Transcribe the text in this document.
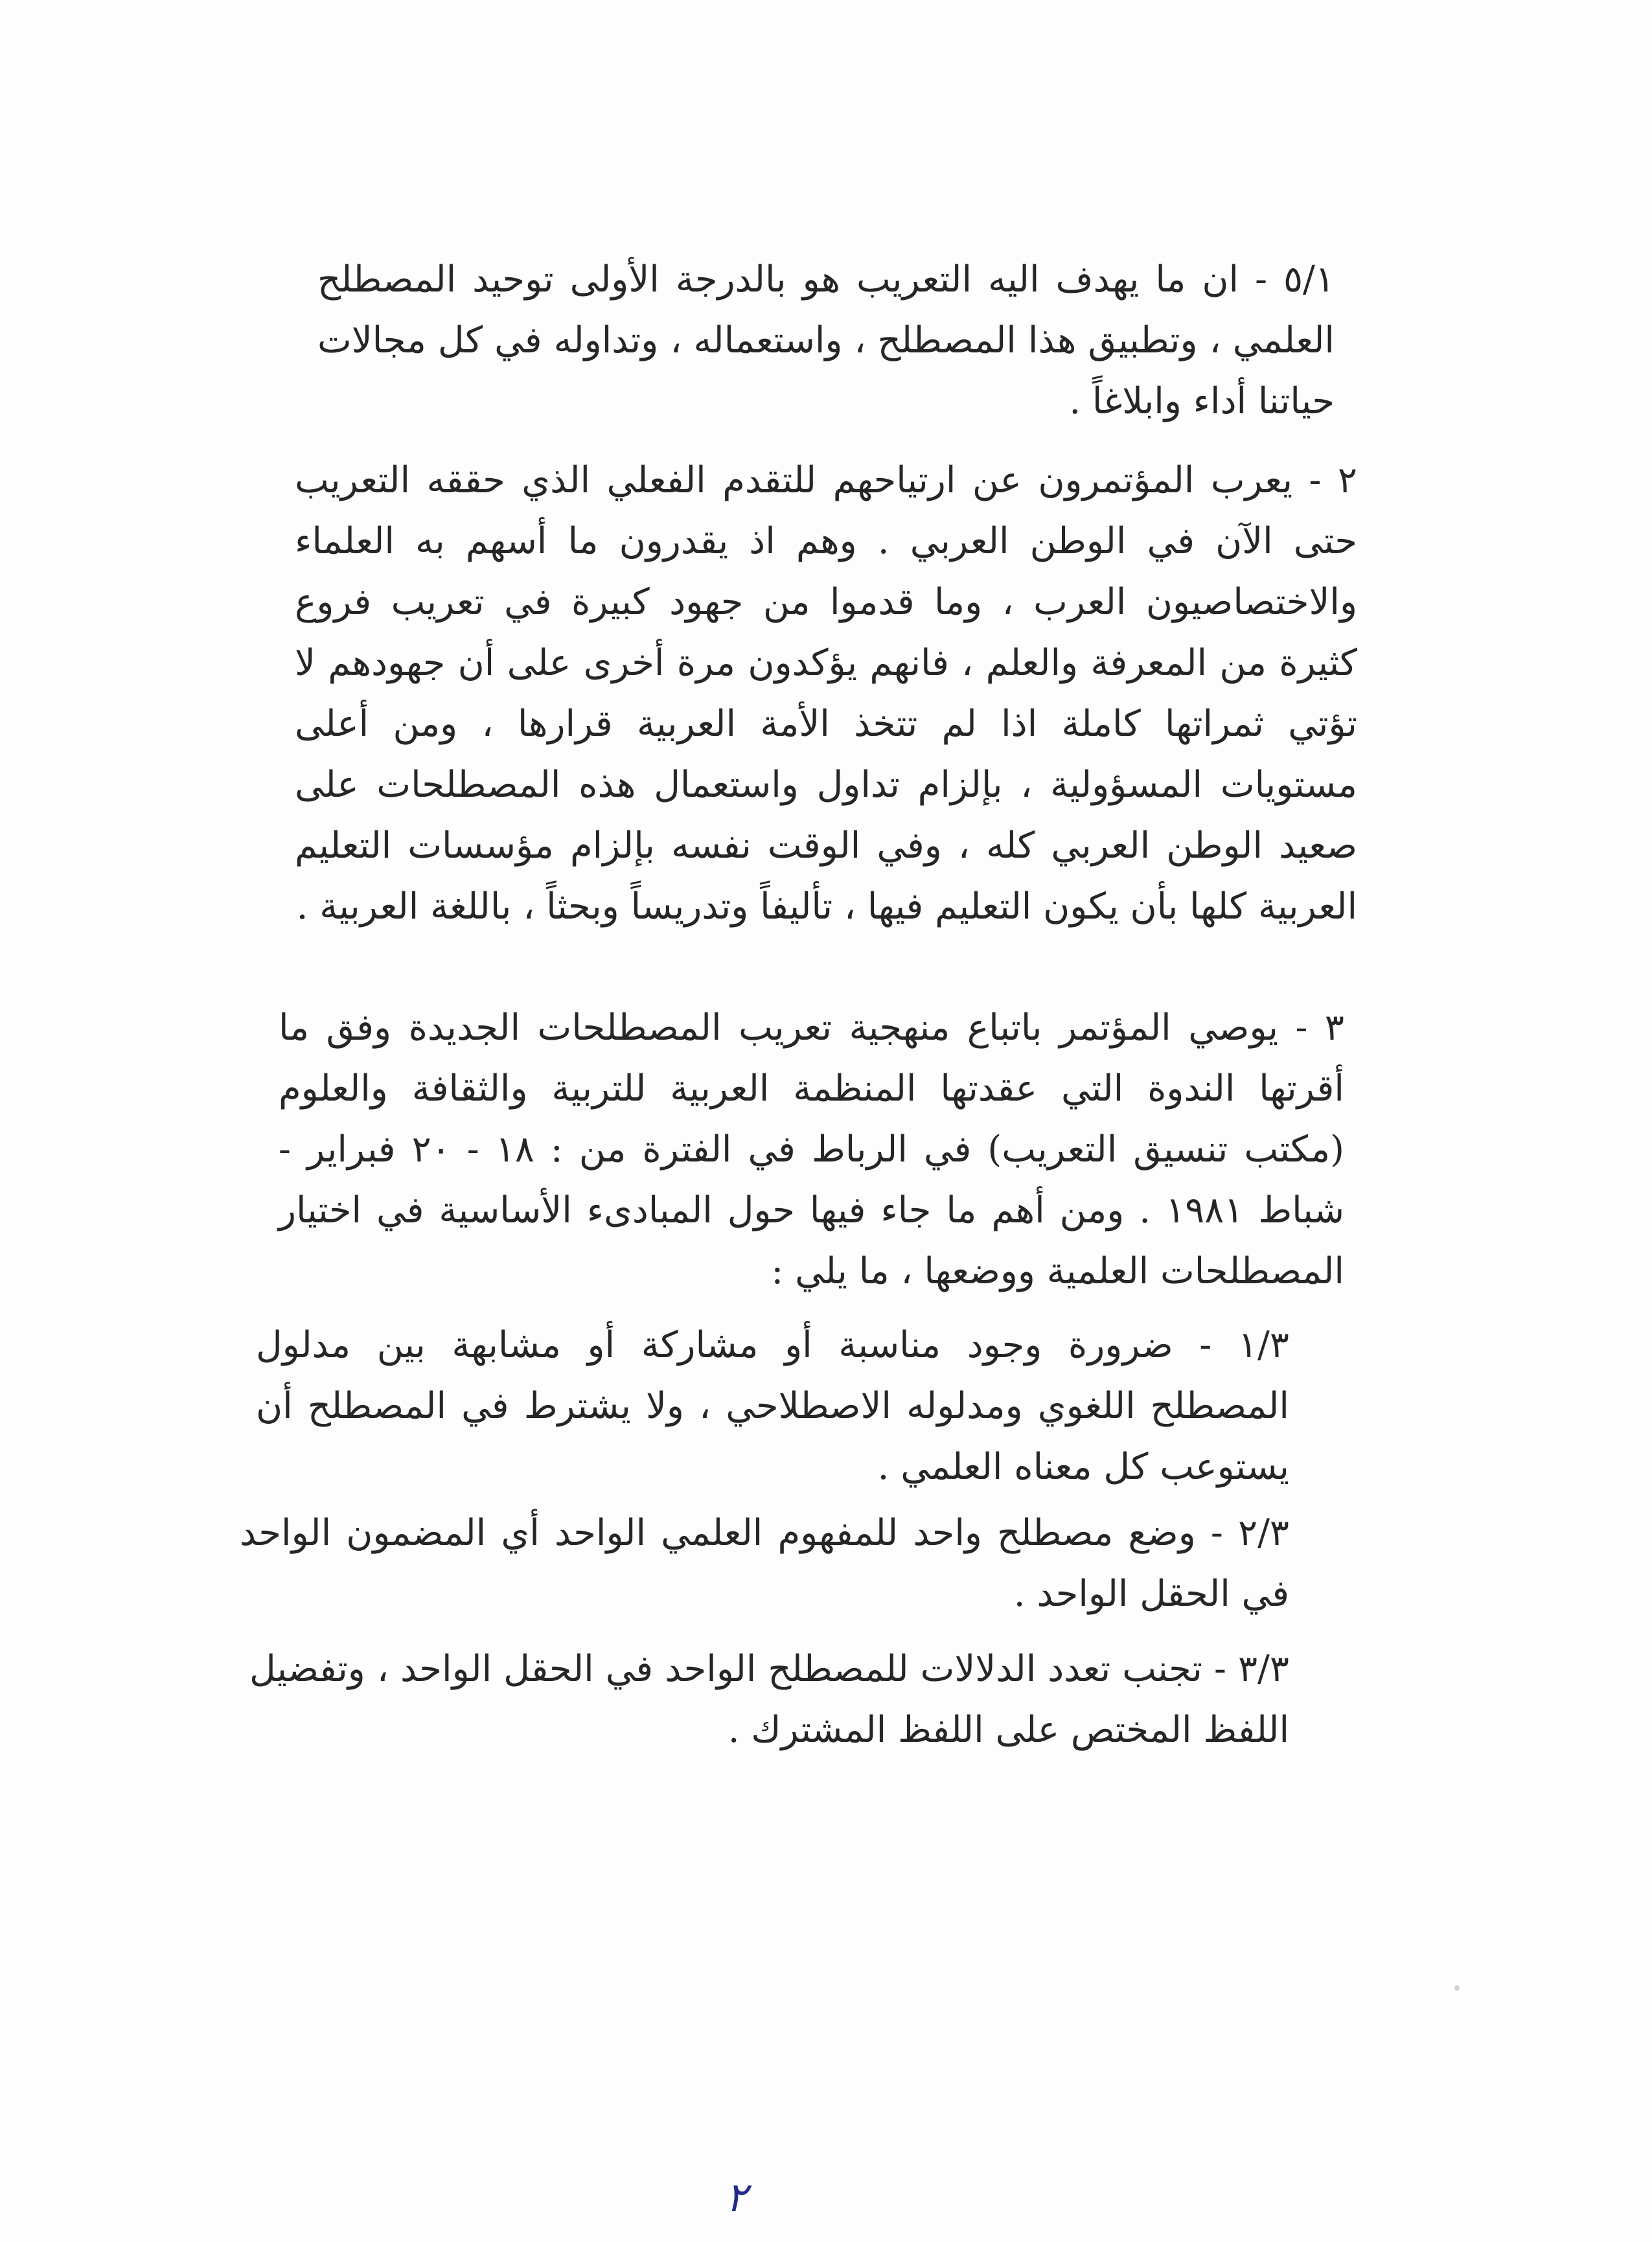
٥/١ - ان ما يهدف اليه التعريب هو بالدرجة الأولى توحيد المصطلح العلمي ، وتطبيق هذا المصطلح ، واستعماله ، وتداوله في كل مجالات حياتنا أداء وابلاغاً .

٢ - يعرب المؤتمرون عن ارتياحهم للتقدم الفعلي الذي حققه التعريب حتى الآن في الوطن العربي . وهم اذ يقدرون ما أسهم به العلماء والاختصاصيون العرب ، وما قدموا من جهود كبيرة في تعريب فروع كثيرة من المعرفة والعلم ، فانهم يؤكدون مرة أخرى على أن جهودهم لا تؤتي ثمراتها كاملة اذا لم تتخذ الأمة العربية قرارها ، ومن أعلى مستويات المسؤولية ، بإلزام تداول واستعمال هذه المصطلحات على صعيد الوطن العربي كله ، وفي الوقت نفسه بإلزام مؤسسات التعليم العربية كلها بأن يكون التعليم فيها ، تأليفاً وتدريساً وبحثاً ، باللغة العربية .

٣ - يوصي المؤتمر باتباع منهجية تعريب المصطلحات الجديدة وفق ما أقرتها الندوة التي عقدتها المنظمة العربية للتربية والثقافة والعلوم (مكتب تنسيق التعريب) في الرباط في الفترة من : ١٨ - ٢٠ فبراير - شباط ١٩٨١ . ومن أهم ما جاء فيها حول المبادىء الأساسية في اختيار المصطلحات العلمية ووضعها ، ما يلي :

١/٣ - ضرورة وجود مناسبة أو مشاركة أو مشابهة بين مدلول المصطلح اللغوي ومدلوله الاصطلاحي ، ولا يشترط في المصطلح أن يستوعب كل معناه العلمي .

٢/٣ - وضع مصطلح واحد للمفهوم العلمي الواحد أي المضمون الواحد في الحقل الواحد .

٣/٣ - تجنب تعدد الدلالات للمصطلح الواحد في الحقل الواحد ، وتفضيل اللفظ المختص على اللفظ المشترك .

٢
